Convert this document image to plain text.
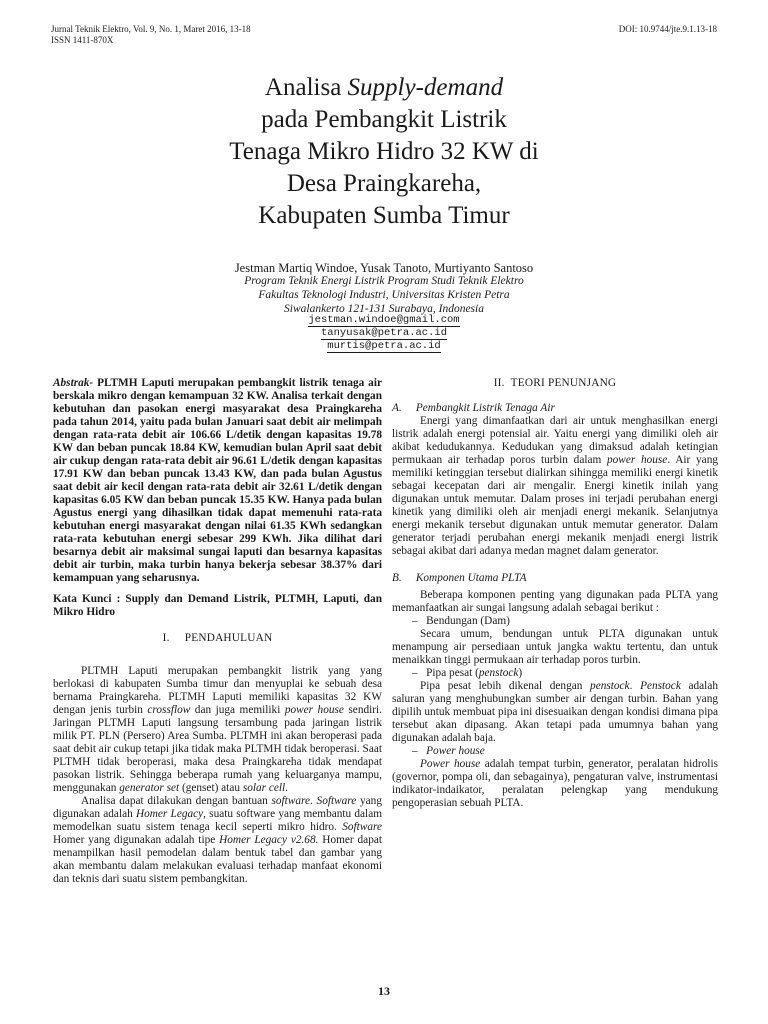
Jurnal Teknik Elektro, Vol. 9, No. 1, Maret 2016, 13-18
ISSN 1411-870X
DOI: 10.9744/jte.9.1.13-18
Analisa Supply-demand
pada Pembangkit Listrik
Tenaga Mikro Hidro 32 KW di
Desa Praingkareha,
Kabupaten Sumba Timur
Jestman Martiq Windoe, Yusak Tanoto, Murtiyanto Santoso
Program Teknik Energi Listrik Program Studi Teknik Elektro
Fakultas Teknologi Industri, Universitas Kristen Petra
Siwalankerto 121-131 Surabaya, Indonesia
jestman.windoe@gmail.com
tanyusak@petra.ac.id
murtis@petra.ac.id

Abstrak- PLTMH Laputi merupakan pembangkit listrik tenaga air berskala mikro dengan kemampuan 32 KW. Analisa terkait dengan kebutuhan dan pasokan energi masyarakat desa Praingkareha pada tahun 2014, yaitu pada bulan Januari saat debit air melimpah dengan rata-rata debit air 106.66 L/detik dengan kapasitas 19.78 KW dan beban puncak 18.84 KW, kemudian bulan April saat debit air cukup dengan rata-rata debit air 96.61 L/detik dengan kapasitas 17.91 KW dan beban puncak 13.43 KW, dan pada bulan Agustus saat debit air kecil dengan rata-rata debit air 32.61 L/detik dengan kapasitas 6.05 KW dan beban puncak 15.35 KW. Hanya pada bulan Agustus energi yang dihasilkan tidak dapat memenuhi rata-rata kebutuhan energi masyarakat dengan nilai 61.35 KWh sedangkan rata-rata kebutuhan energi sebesar 299 KWh. Jika dilihat dari besarnya debit air maksimal sungai laputi dan besarnya kapasitas debit air turbin, maka turbin hanya bekerja sebesar 38.37% dari kemampuan yang seharusnya.

Kata Kunci : Supply dan Demand Listrik, PLTMH, Laputi, dan Mikro Hidro

I.     PENDAHULUAN

PLTMH Laputi merupakan pembangkit listrik yang yang berlokasi di kabupaten Sumba timur dan menyuplai ke sebuah desa bernama Praingkareha. PLTMH Laputi memiliki kapasitas 32 KW dengan jenis turbin crossflow dan juga memiliki power house sendiri. Jaringan PLTMH Laputi langsung tersambung pada jaringan listrik milik PT. PLN (Persero) Area Sumba. PLTMH ini akan beroperasi pada saat debit air cukup tetapi jika tidak maka PLTMH tidak beroperasi. Saat PLTMH tidak beroperasi, maka desa Praingkareha tidak mendapat pasokan listrik. Sehingga beberapa rumah yang keluarganya mampu, menggunakan generator set (genset) atau solar cell.

Analisa dapat dilakukan dengan bantuan software. Software yang digunakan adalah Homer Legacy, suatu software yang membantu dalam memodelkan suatu sistem tenaga kecil seperti mikro hidro. Software Homer yang digunakan adalah tipe Homer Legacy v2.68. Homer dapat menampilkan hasil pemodelan dalam bentuk tabel dan gambar yang akan membantu dalam melakukan evaluasi terhadap manfaat ekonomi dan teknis dari suatu sistem pembangkitan.

II.  TEORI PENUNJANG

A.     Pembangkit Listrik Tenaga Air

Energi yang dimanfaatkan dari air untuk menghasilkan energi listrik adalah energi potensial air. Yaitu energi yang dimiliki oleh air akibat kedudukannya. Kedudukan yang dimaksud adalah ketingian permukaan air terhadap poros turbin dalam power house. Air yang memiliki ketinggian tersebut dialirkan sihingga memiliki energi kinetik sebagai kecepatan dari air mengalir. Energi kinetik inilah yang digunakan untuk memutar. Dalam proses ini terjadi perubahan energi kinetik yang dimiliki oleh air menjadi energi mekanik. Selanjutnya energi mekanik tersebut digunakan untuk memutar generator. Dalam generator terjadi perubahan energi mekanik menjadi energi listrik sebagai akibat dari adanya medan magnet dalam generator.

B.     Komponen Utama PLTA

Beberapa komponen penting yang digunakan pada PLTA yang memanfaatkan air sungai langsung adalah sebagai berikut :

– Bendungan (Dam)

Secara umum, bendungan untuk PLTA digunakan untuk menampung air persediaan untuk jangka waktu tertentu, dan untuk menaikkan tinggi permukaan air terhadap poros turbin.

– Pipa pesat (penstock)

Pipa pesat lebih dikenal dengan penstock. Penstock adalah saluran yang menghubungkan sumber air dengan turbin. Bahan yang dipilih untuk membuat pipa ini disesuaikan dengan kondisi dimana pipa tersebut akan dipasang. Akan tetapi pada umumnya bahan yang digunakan adalah baja.

– Power house

Power house adalah tempat turbin, generator, peralatan hidrolis (governor, pompa oli, dan sebagainya), pengaturan valve, instrumentasi indikator-indaikator, peralatan pelengkap yang mendukung pengoperasian sebuah PLTA.

13
